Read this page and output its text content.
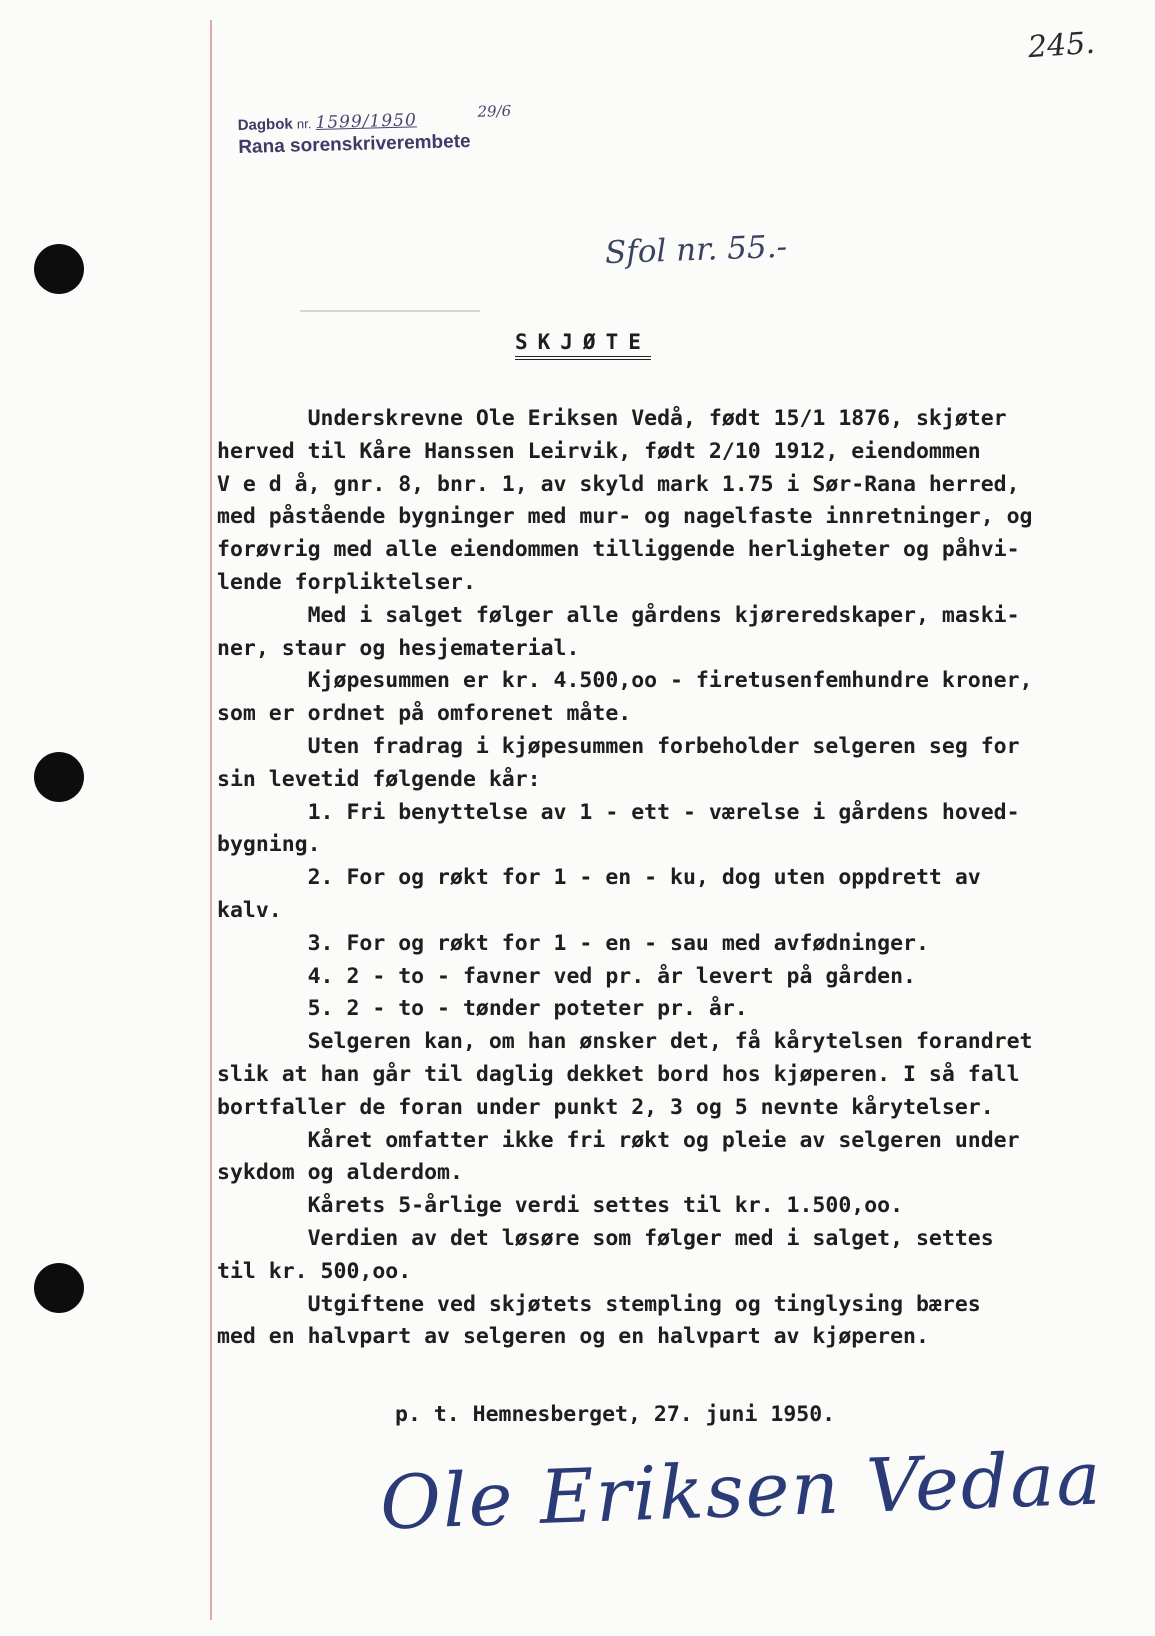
245.
Dagbok nr. 1599/1950
Rana sorenskriverembete
29/6
Sfol nr. 55.-
SKJØTE
Underskrevne Ole Eriksen Vedå, født 15/1 1876, skjøter
herved til Kåre Hanssen Leirvik, født 2/10 1912, eiendommen
V e d å, gnr. 8, bnr. 1, av skyld mark 1.75 i Sør-Rana herred,
med påstående bygninger med mur- og nagelfaste innretninger, og
forøvrig med alle eiendommen tilliggende herligheter og påhvi-
lende forpliktelser.
Med i salget følger alle gårdens kjøreredskaper, maski-
ner, staur og hesjematerial.
Kjøpesummen er kr. 4.500,oo - firetusenfemhundre kroner,
som er ordnet på omforenet måte.
Uten fradrag i kjøpesummen forbeholder selgeren seg for
sin levetid følgende kår:
1. Fri benyttelse av 1 - ett - værelse i gårdens hoved-
bygning.
2. For og røkt for 1 - en - ku, dog uten oppdrett av
kalv.
3. For og røkt for 1 - en - sau med avfødninger.
4. 2 - to - favner ved pr. år levert på gården.
5. 2 - to - tønder poteter pr. år.
Selgeren kan, om han ønsker det, få kårytelsen forandret
slik at han går til daglig dekket bord hos kjøperen. I så fall
bortfaller de foran under punkt 2, 3 og 5 nevnte kårytelser.
Kåret omfatter ikke fri røkt og pleie av selgeren under
sykdom og alderdom.
Kårets 5-årlige verdi settes til kr. 1.500,oo.
Verdien av det løsøre som følger med i salget, settes
til kr. 500,oo.
Utgiftene ved skjøtets stempling og tinglysing bæres
med en halvpart av selgeren og en halvpart av kjøperen.
p. t. Hemnesberget, 27. juni 1950.
Ole Eriksen Vedaa
